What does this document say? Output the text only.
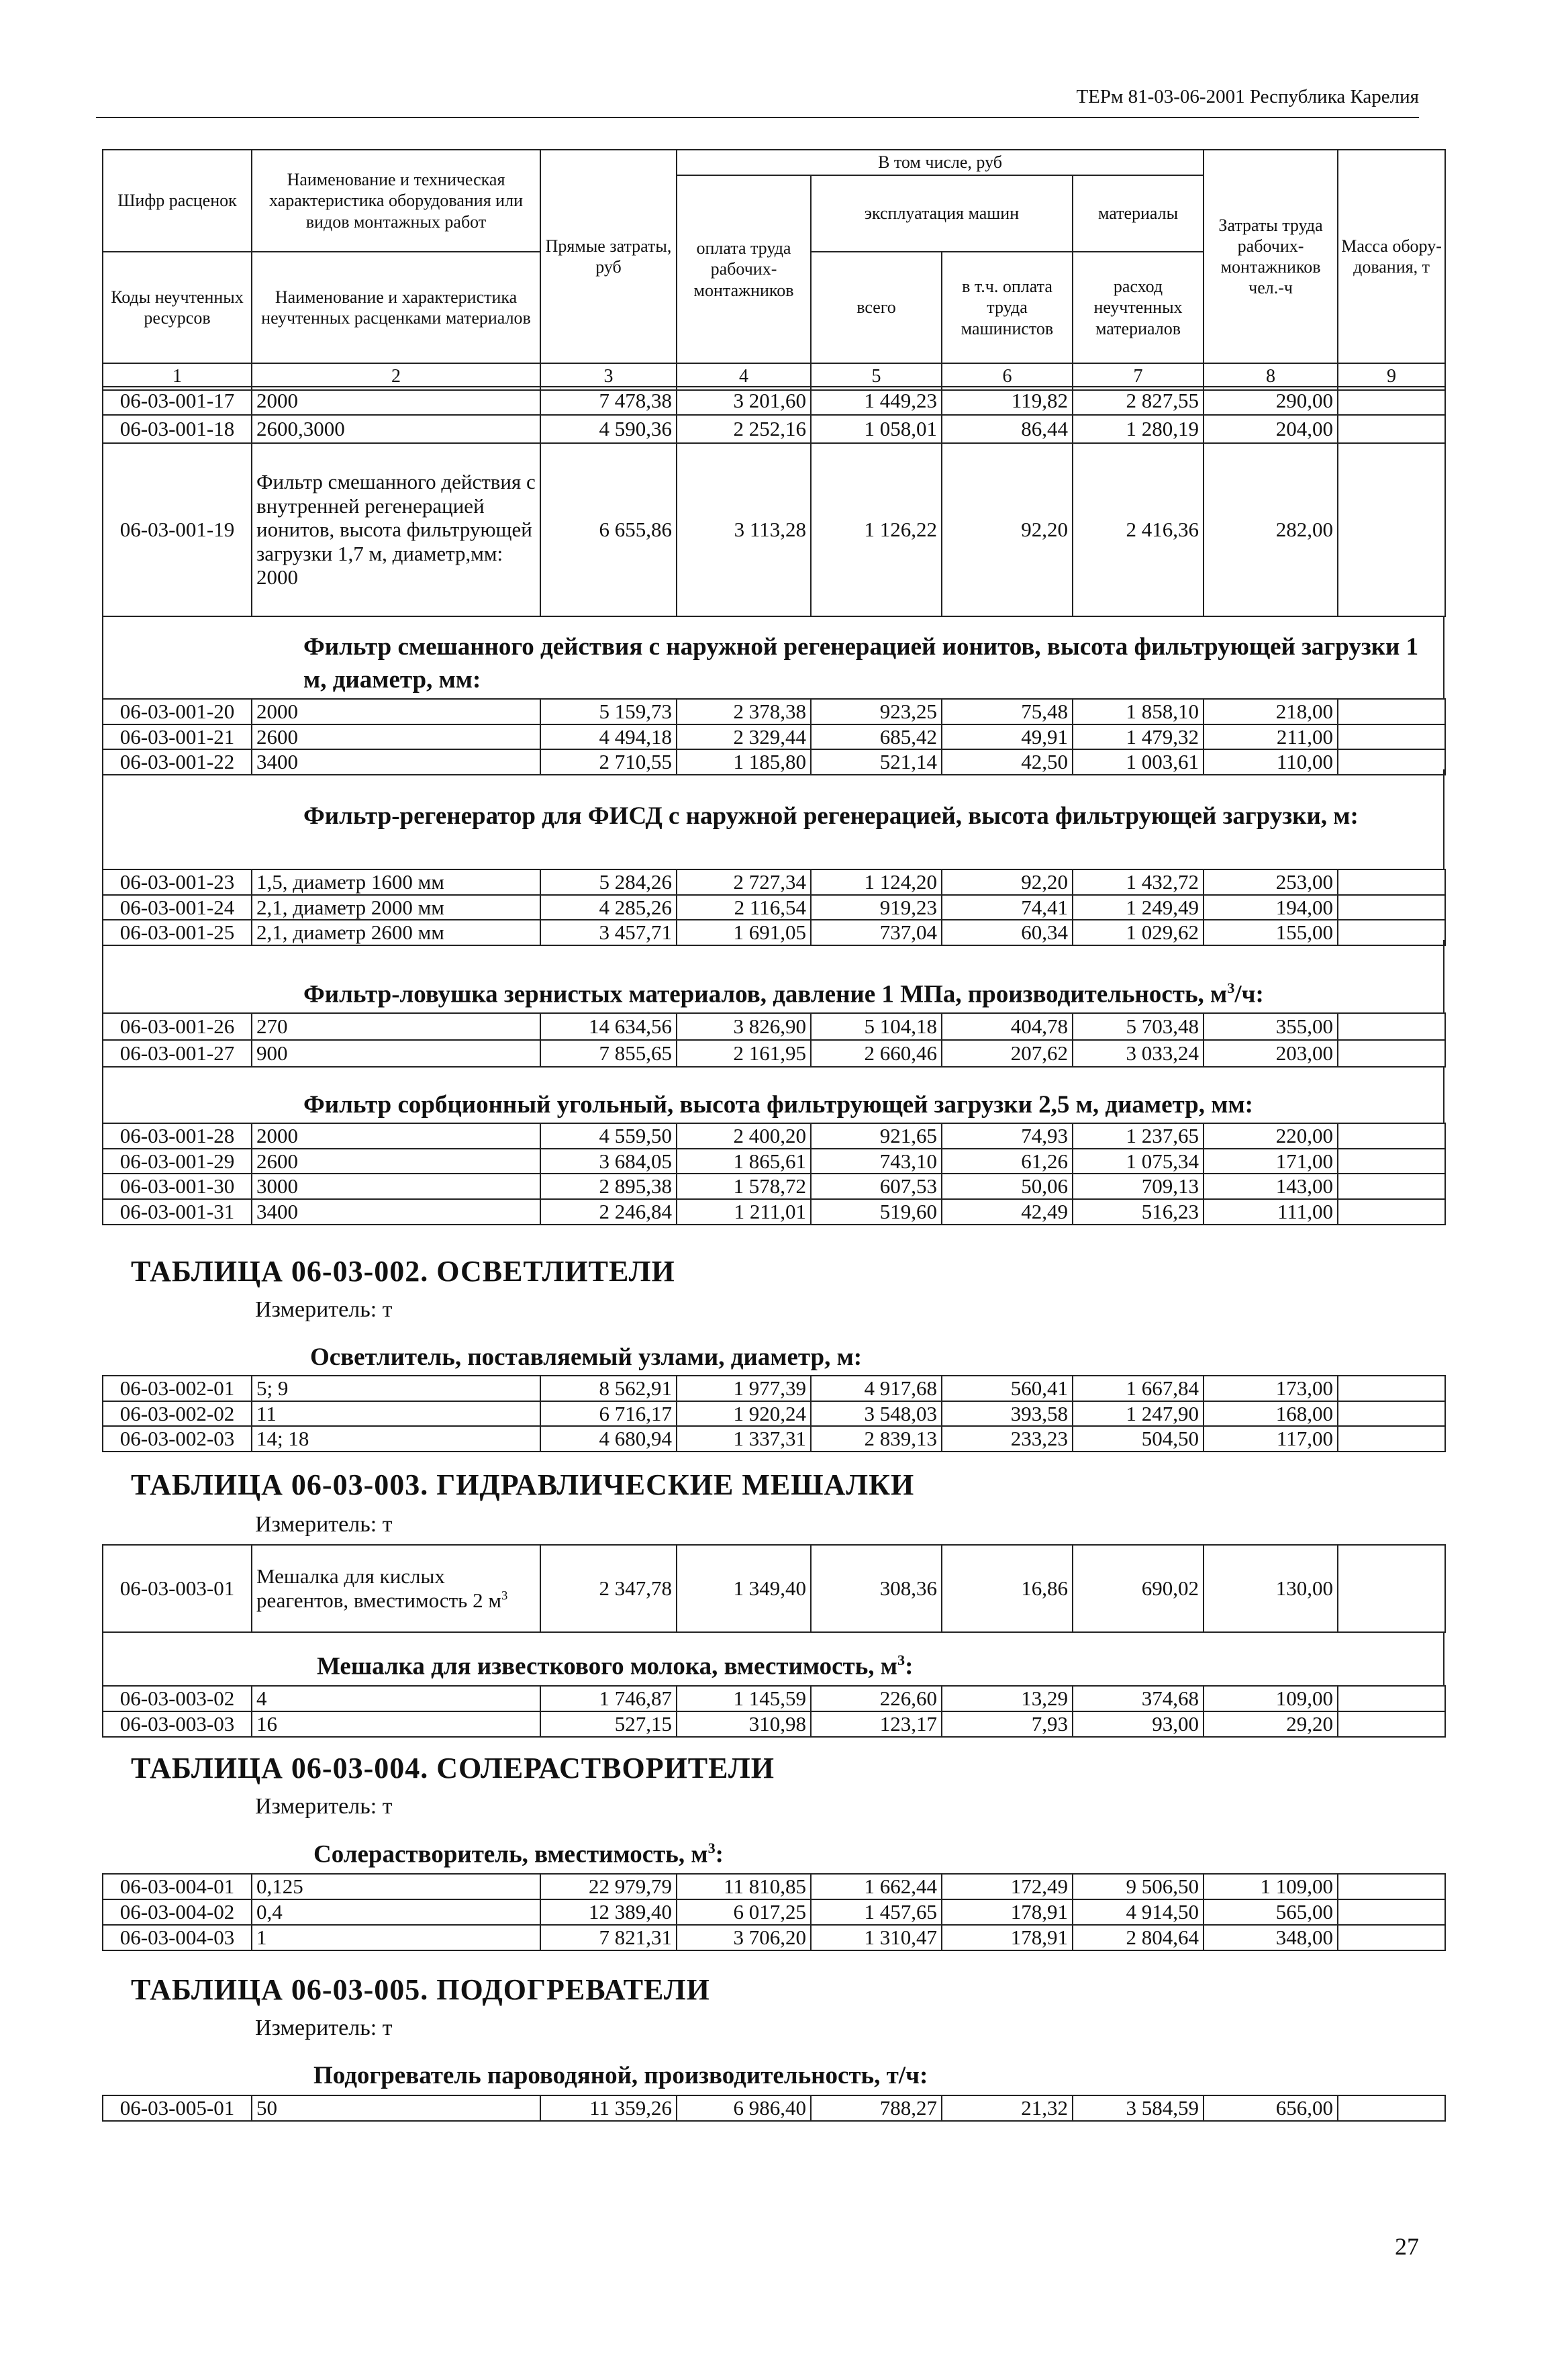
ТЕРм 81-03-06-2001 Республика Карелия
Шифр расценок	Наименование и техническая характеристика оборудования или видов монтажных работ	Прямые затраты, руб	В том числе, руб				Затраты труда рабочих-монтажников чел.-ч	Масса обору-дования, т
			оплата труда рабочих-монтажников	эксплуатация машин		материалы		
Коды неучтенных ресурсов	Наименование и характеристика неучтенных расценками материалов			всего	в т.ч. оплата труда машинистов	расход неучтенных материалов		

1	2	3	4	5	6	7	8	9
06-03-001-17	2000	7 478,38	3 201,60	1 449,23	119,82	2 827,55	290,00	
06-03-001-18	2600,3000	4 590,36	2 252,16	1 058,01	86,44	1 280,19	204,00	
06-03-001-19	Фильтр смешанного действия с внутренней регенерацией ионитов, высота фильтрующей загрузки 1,7 м, диаметр,мм: 2000	6 655,86	3 113,28	1 126,22	92,20	2 416,36	282,00	
Фильтр смешанного действия с наружной регенерацией ионитов, высота фильтрующей загрузки 1 м, диаметр, мм:
06-03-001-20	2000	5 159,73	2 378,38	923,25	75,48	1 858,10	218,00	
06-03-001-21	2600	4 494,18	2 329,44	685,42	49,91	1 479,32	211,00	
06-03-001-22	3400	2 710,55	1 185,80	521,14	42,50	1 003,61	110,00	
Фильтр-регенератор для ФИСД с наружной регенерацией, высота фильтрующей загрузки, м:
06-03-001-23	1,5, диаметр 1600 мм	5 284,26	2 727,34	1 124,20	92,20	1 432,72	253,00	
06-03-001-24	2,1, диаметр 2000 мм	4 285,26	2 116,54	919,23	74,41	1 249,49	194,00	
06-03-001-25	2,1, диаметр 2600 мм	3 457,71	1 691,05	737,04	60,34	1 029,62	155,00	
Фильтр-ловушка зернистых материалов, давление 1 МПа, производительность, $м^3/ч$:
06-03-001-26	270	14 634,56	3 826,90	5 104,18	404,78	5 703,48	355,00	
06-03-001-27	900	7 855,65	2 161,95	2 660,46	207,62	3 033,24	203,00	
Фильтр сорбционный угольный, высота фильтрующей загрузки 2,5 м, диаметр, мм:
06-03-001-28	2000	4 559,50	2 400,20	921,65	74,93	1 237,65	220,00	
06-03-001-29	2600	3 684,05	1 865,61	743,10	61,26	1 075,34	171,00	
06-03-001-30	3000	2 895,38	1 578,72	607,53	50,06	709,13	143,00	
06-03-001-31	3400	2 246,84	1 211,01	519,60	42,49	516,23	111,00	
ТАБЛИЦА 06-03-002. ОСВЕТЛИТЕЛИ
Измеритель: т
Осветлитель, поставляемый узлами, диаметр, м:
06-03-002-01	5; 9	8 562,91	1 977,39	4 917,68	560,41	1 667,84	173,00	
06-03-002-02	11	6 716,17	1 920,24	3 548,03	393,58	1 247,90	168,00	
06-03-002-03	14; 18	4 680,94	1 337,31	2 839,13	233,23	504,50	117,00	
ТАБЛИЦА 06-03-003. ГИДРАВЛИЧЕСКИЕ МЕШАЛКИ
Измеритель: т
06-03-003-01	Мешалка для кислых реагентов, вместимость 2 $м^3$	2 347,78	1 349,40	308,36	16,86	690,02	130,00	
Мешалка для известкового молока, вместимость, $м^3$:
06-03-003-02	4	1 746,87	1 145,59	226,60	13,29	374,68	109,00	
06-03-003-03	16	527,15	310,98	123,17	7,93	93,00	29,20	
ТАБЛИЦА 06-03-004. СОЛЕРАСТВОРИТЕЛИ
Измеритель: т
Солерастворитель, вместимость, $м^3$:
06-03-004-01	0,125	22 979,79	11 810,85	1 662,44	172,49	9 506,50	1 109,00	
06-03-004-02	0,4	12 389,40	6 017,25	1 457,65	178,91	4 914,50	565,00	
06-03-004-03	1	7 821,31	3 706,20	1 310,47	178,91	2 804,64	348,00	
ТАБЛИЦА 06-03-005. ПОДОГРЕВАТЕЛИ
Измеритель: т
Подогреватель пароводяной, производительность, т/ч:
06-03-005-01	50	11 359,26	6 986,40	788,27	21,32	3 584,59	656,00	
27
